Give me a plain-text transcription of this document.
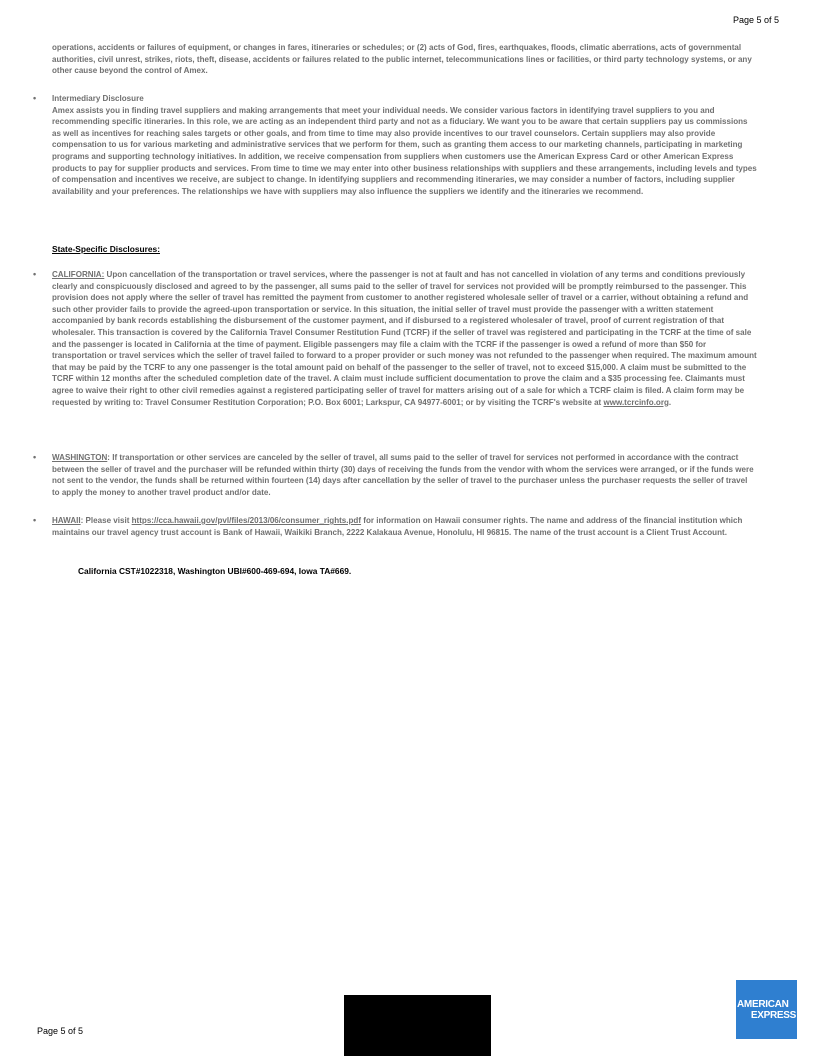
Page 5 of 5
operations, accidents or failures of equipment, or changes in fares, itineraries or schedules; or (2) acts of God, fires, earthquakes, floods, climatic aberrations, acts of governmental authorities, civil unrest, strikes, riots, theft, disease, accidents or failures related to the public internet, telecommunications lines or facilities, or third party technology systems, or any other cause beyond the control of Amex.
• Intermediary Disclosure
Amex assists you in finding travel suppliers and making arrangements that meet your individual needs. We consider various factors in identifying travel suppliers to you and recommending specific itineraries. In this role, we are acting as an independent third party and not as a fiduciary. We want you to be aware that certain suppliers pay us commissions as well as incentives for reaching sales targets or other goals, and from time to time may also provide incentives to our travel counselors. Certain suppliers may also provide compensation to us for various marketing and administrative services that we perform for them, such as granting them access to our marketing channels, participating in marketing programs and supporting technology initiatives. In addition, we receive compensation from suppliers when customers use the American Express Card or other American Express products to pay for supplier products and services. From time to time we may enter into other business relationships with suppliers and these arrangements, including levels and types of compensation and incentives we receive, are subject to change. In identifying suppliers and recommending itineraries, we may consider a number of factors, including supplier availability and your preferences. The relationships we have with suppliers may also influence the suppliers we identify and the itineraries we recommend.
State-Specific Disclosures:
• CALIFORNIA: Upon cancellation of the transportation or travel services, where the passenger is not at fault and has not cancelled in violation of any terms and conditions previously clearly and conspicuously disclosed and agreed to by the passenger, all sums paid to the seller of travel for services not provided will be promptly reimbursed to the passenger. This provision does not apply where the seller of travel has remitted the payment from customer to another registered wholesale seller of travel or a carrier, without obtaining a refund and such other provider fails to provide the agreed-upon transportation or service. In this situation, the initial seller of travel must provide the passenger with a written statement accompanied by bank records establishing the disbursement of the customer payment, and if disbursed to a registered wholesaler of travel, proof of current registration of that wholesaler. This transaction is covered by the California Travel Consumer Restitution Fund (TCRF) if the seller of travel was registered and participating in the TCRF at the time of sale and the passenger is located in California at the time of payment. Eligible passengers may file a claim with the TCRF if the passenger is owed a refund of more than $50 for transportation or travel services which the seller of travel failed to forward to a proper provider or such money was not refunded to the passenger when required. The maximum amount that may be paid by the TCRF to any one passenger is the total amount paid on behalf of the passenger to the seller of travel, not to exceed $15,000. A claim must be submitted to the TCRF within 12 months after the scheduled completion date of the travel. A claim must include sufficient documentation to prove the claim and a $35 processing fee. Claimants must agree to waive their right to other civil remedies against a registered participating seller of travel for matters arising out of a sale for which a TCRF claim is filed. A claim form may be requested by writing to: Travel Consumer Restitution Corporation; P.O. Box 6001; Larkspur, CA 94977-6001; or by visiting the TCRF's website at www.tcrcinfo.org.
• WASHINGTON: If transportation or other services are canceled by the seller of travel, all sums paid to the seller of travel for services not performed in accordance with the contract between the seller of travel and the purchaser will be refunded within thirty (30) days of receiving the funds from the vendor with whom the services were arranged, or if the funds were not sent to the vendor, the funds shall be returned within fourteen (14) days after cancellation by the seller of travel to the purchaser unless the purchaser requests the seller of travel to apply the money to another travel product and/or date.
• HAWAII: Please visit https://cca.hawaii.gov/pvl/files/2013/06/consumer_rights.pdf for information on Hawaii consumer rights. The name and address of the financial institution which maintains our travel agency trust account is Bank of Hawaii, Waikiki Branch, 2222 Kalakaua Avenue, Honolulu, HI 96815. The name of the trust account is a Client Trust Account.
California CST#1022318, Washington UBI#600-469-694, Iowa TA#669.
Page 5 of 5
AMERICAN
EXPRESS
